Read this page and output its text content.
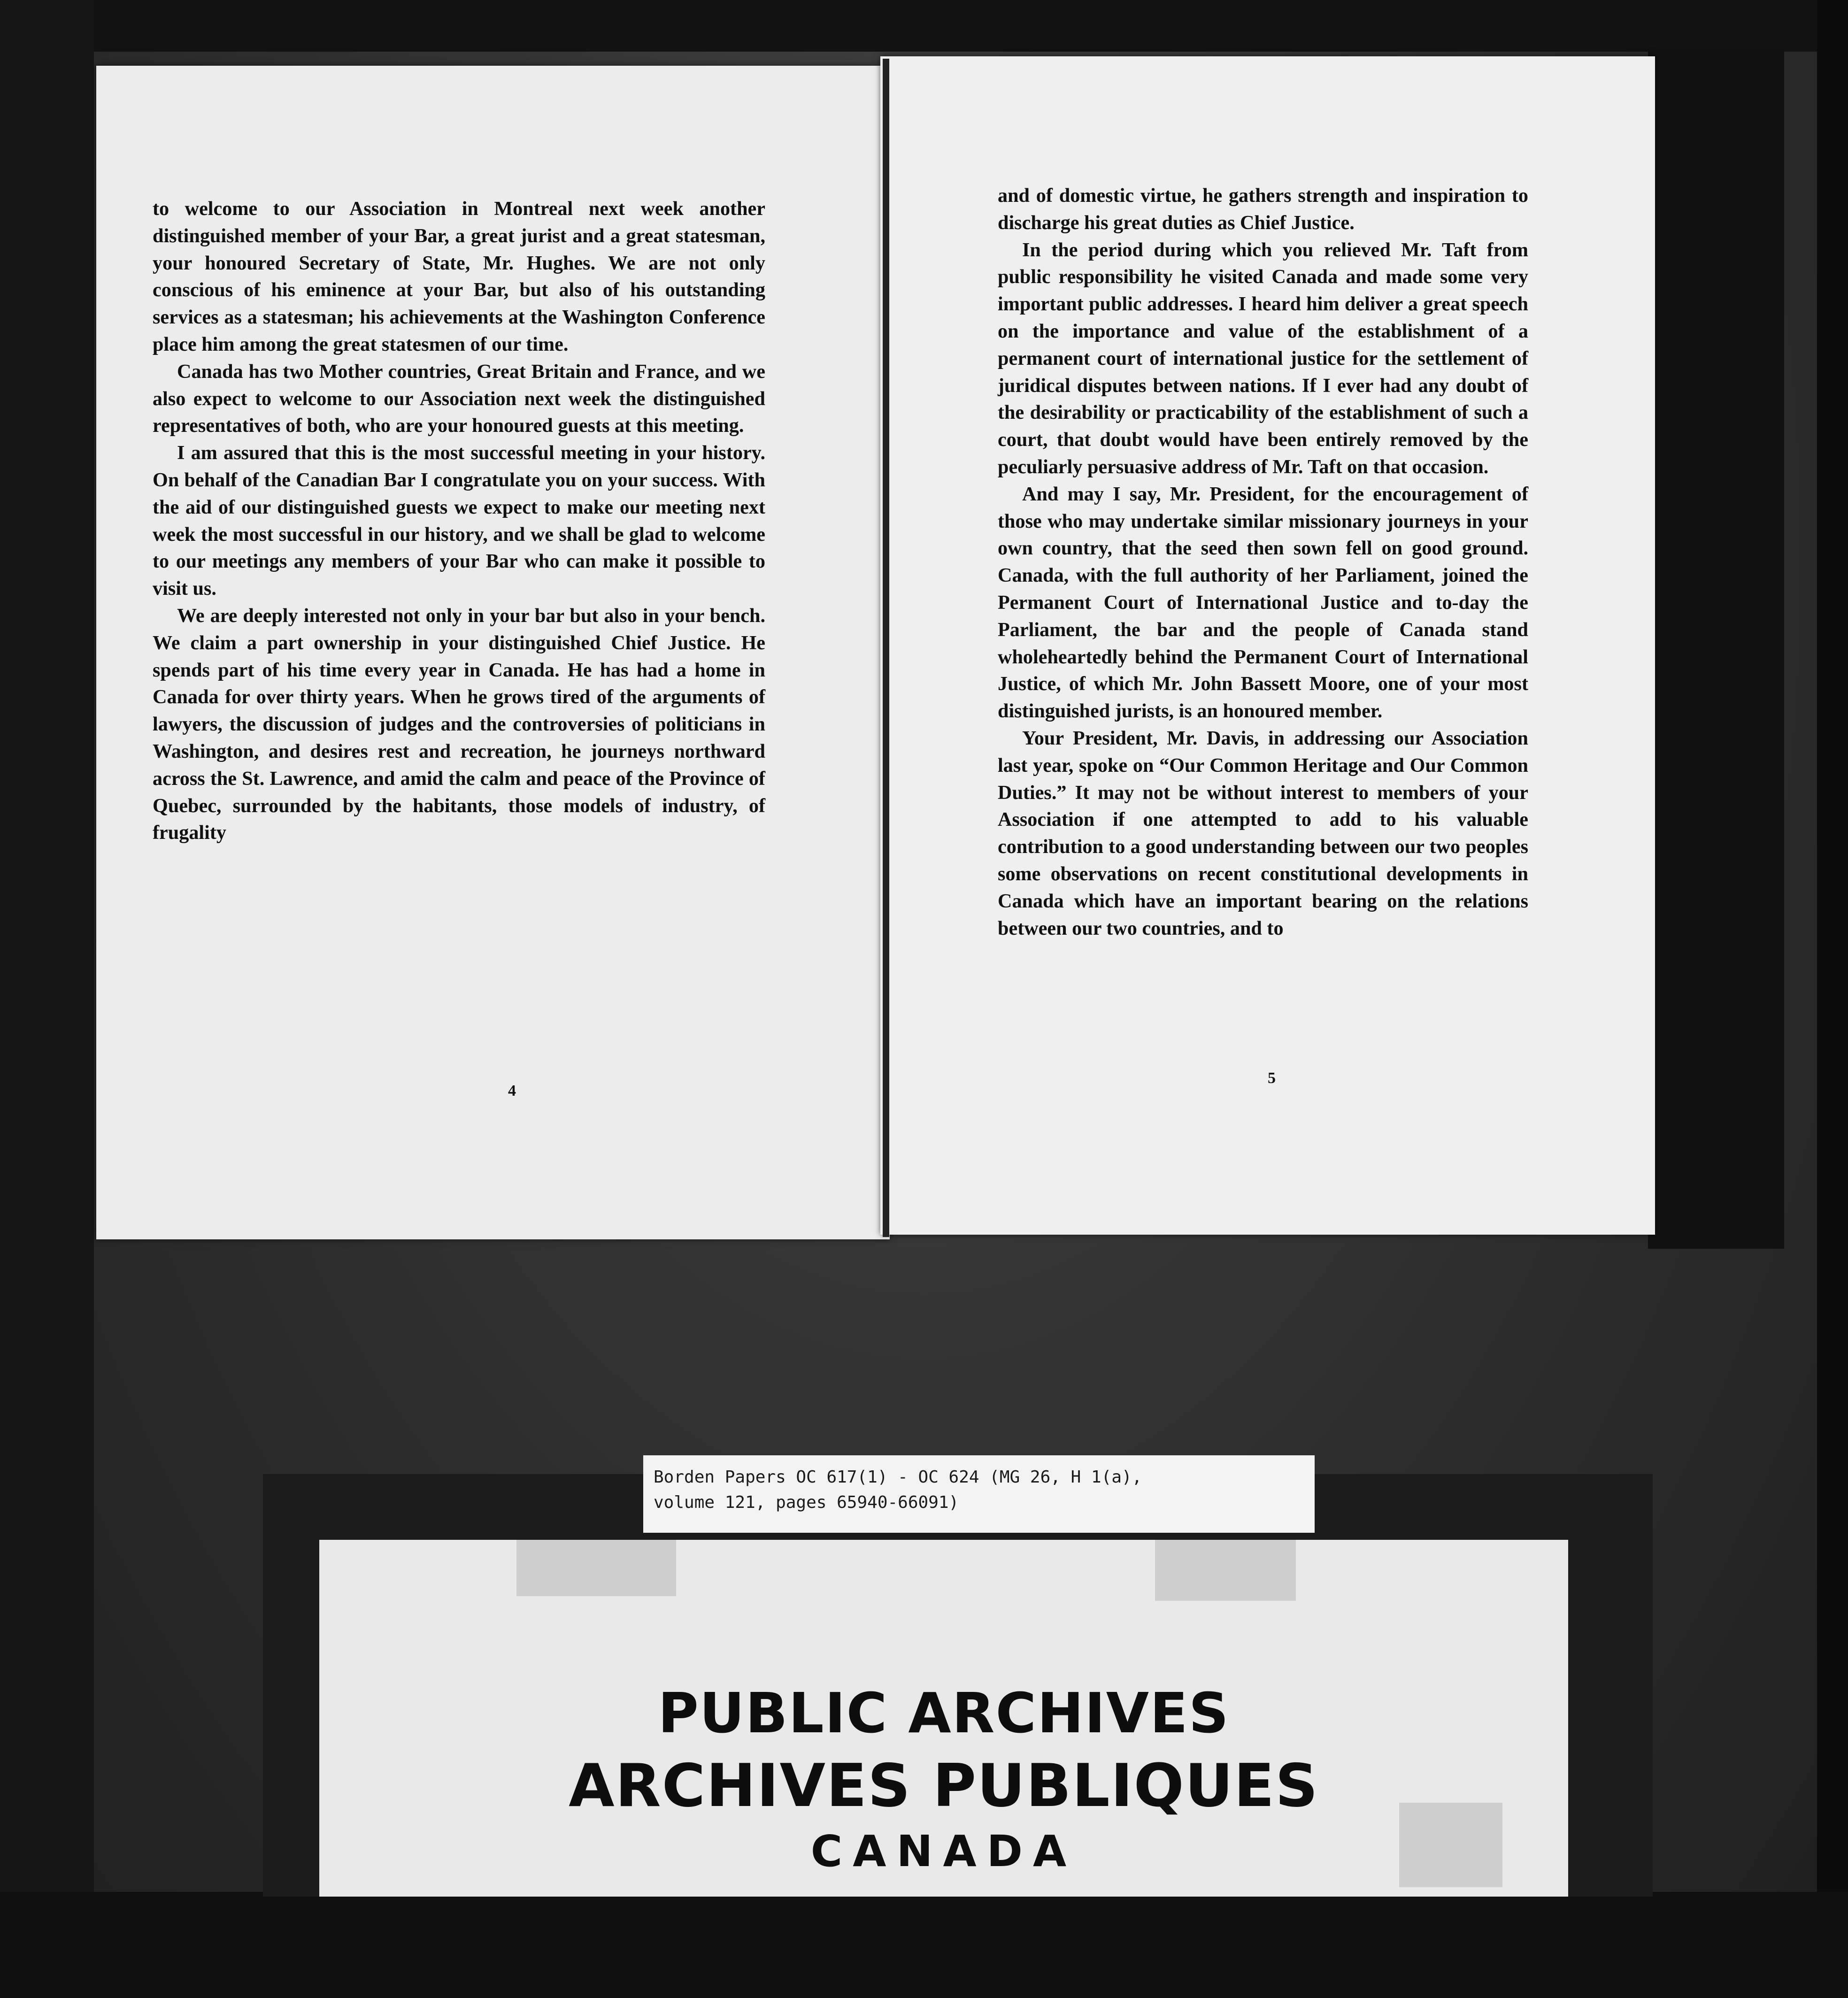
to welcome to our Association in Montreal next week another distinguished member of your Bar, a great jurist and a great statesman, your honoured Secretary of State, Mr. Hughes. We are not only conscious of his eminence at your Bar, but also of his outstanding services as a statesman; his achievements at the Washington Conference place him among the great statesmen of our time.

Canada has two Mother countries, Great Britain and France, and we also expect to welcome to our Association next week the distinguished representatives of both, who are your honoured guests at this meeting.

I am assured that this is the most successful meeting in your history. On behalf of the Canadian Bar I congratulate you on your success. With the aid of our distinguished guests we expect to make our meeting next week the most successful in our history, and we shall be glad to welcome to our meetings any members of your Bar who can make it possible to visit us.

We are deeply interested not only in your bar but also in your bench. We claim a part ownership in your distinguished Chief Justice. He spends part of his time every year in Canada. He has had a home in Canada for over thirty years. When he grows tired of the arguments of lawyers, the discussion of judges and the controversies of politicians in Washington, and desires rest and recreation, he journeys northward across the St. Lawrence, and amid the calm and peace of the Province of Quebec, surrounded by the habitants, those models of industry, of frugality

4

and of domestic virtue, he gathers strength and inspiration to discharge his great duties as Chief Justice.

In the period during which you relieved Mr. Taft from public responsibility he visited Canada and made some very important public addresses. I heard him deliver a great speech on the importance and value of the establishment of a permanent court of international justice for the settlement of juridical disputes between nations. If I ever had any doubt of the desirability or practicability of the establishment of such a court, that doubt would have been entirely removed by the peculiarly persuasive address of Mr. Taft on that occasion.

And may I say, Mr. President, for the encouragement of those who may undertake similar missionary journeys in your own country, that the seed then sown fell on good ground. Canada, with the full authority of her Parliament, joined the Permanent Court of International Justice and to-day the Parliament, the bar and the people of Canada stand wholeheartedly behind the Permanent Court of International Justice, of which Mr. John Bassett Moore, one of your most distinguished jurists, is an honoured member.

Your President, Mr. Davis, in addressing our Association last year, spoke on “Our Common Heritage and Our Common Duties.” It may not be without interest to members of your Association if one attempted to add to his valuable contribution to a good understanding between our two peoples some observations on recent constitutional developments in Canada which have an important bearing on the relations between our two countries, and to

5
PUBLIC ARCHIVES
ARCHIVES PUBLIQUES
CANADA
Borden Papers OC 617(1) - OC 624 (MG 26, H 1(a),
volume 121, pages 65940-66091)
